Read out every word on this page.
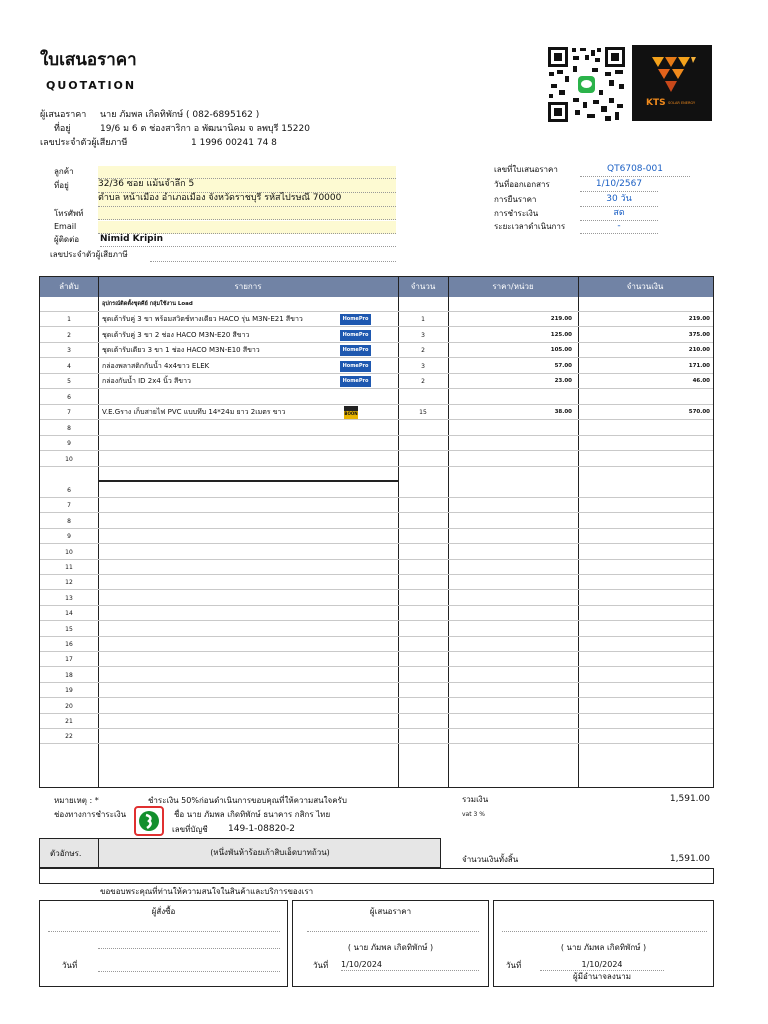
ใบเสนอราคา
QUOTATION
KTS SOLAR ENERGY
ผู้เสนอราคา นาย ภัมพล เกิดทิพักษ์ ( 082-6895162 )
ที่อยู่	19/6 ม 6 ต ช่องสาริกา อ พัฒนานิคม จ ลพบุรี 15220
เลขประจำตัวผู้เสียภาษี	1 1996 00241 74 8
ลูกค้า
ที่อยู่	32/36 ซอย แม้นจำลึก 5
ตำบล หน้าเมือง อำเภอเมือง จังหวัดราชบุรี รหัสไปรษณี 70000
โทรศัพท์
Email
ผู้ติดต่อ Nimid Kripin
เลขประจำตัวผู้เสียภาษี
เลขที่ใบเสนอราคา	QT6708-001
วันที่ออกเอกสาร	1/10/2567
การยืนราคา	30 วัน
การชำระเงิน	สด
ระยะเวลาดำเนินการ	-
ลำดับ	รายการ	จำนวน	ราคา/หน่วย	จำนวนเงิน
อุปกรณ์ติดตั้งชุดคีย์ กลุ่มใช้งาน Load
1	ชุดเต้ารับคู่ 3 ขา พร้อมสวิตช์ทางเดียว HACO รุ่น M3N-E21 สีขาว	1	219.00	219.00
HomePro
2	ชุดเต้ารับคู่ 3 ขา 2 ช่อง HACO M3N-E20 สีขาว	3	125.00	375.00
HomePro
3	ชุดเต้ารับเดียว 3 ขา 1 ช่อง HACO M3N-E10 สีขาว	2	105.00	210.00
HomePro
4	กล่องพลาสติกกันน้ำ 4x4ขาว ELEK	3	57.00	171.00
HomePro
5	กล่องกันน้ำ ID 2x4 นิ้ว สีขาว	2	23.00	46.00
HomePro
6
7	V.E.Gราง เก็บสายไฟ PVC แบบทึบ 14*24ม ยาว 2เมตร ขาว	15	38.00	570.00
BOON
8
9
10
6
7
8
9
10
11
12
13
14
15
16
17
18
19
20
21
22
หมายเหตุ : *	ชำระเงิน 50%ก่อนดำเนินการขอบคุณที่ให้ความสนใจครับ
ช่องทางการชำระเงิน	ชื่อ นาย ภัมพล เกิดทิพักษ์ ธนาคาร กสิกร ไทย
เลขที่บัญชี 149-1-08820-2
รวมเงิน	1,591.00
vat 3 %
ตัวอักษร.	(หนึ่งพันห้าร้อยเก้าสิบเอ็ดบาทถ้วน)
จำนวนเงินทั้งสิ้น	1,591.00
ขอขอบพระคุณที่ท่านให้ความสนใจในสินค้าและบริการของเรา
ผู้สั่งซื้อ
วันที่
ผู้เสนอราคา
( นาย ภัมพล เกิดทิพักษ์ )
วันที่ 1/10/2024
( นาย ภัมพล เกิดทิพักษ์ )
วันที่	1/10/2024
ผู้มีอำนาจลงนาม
